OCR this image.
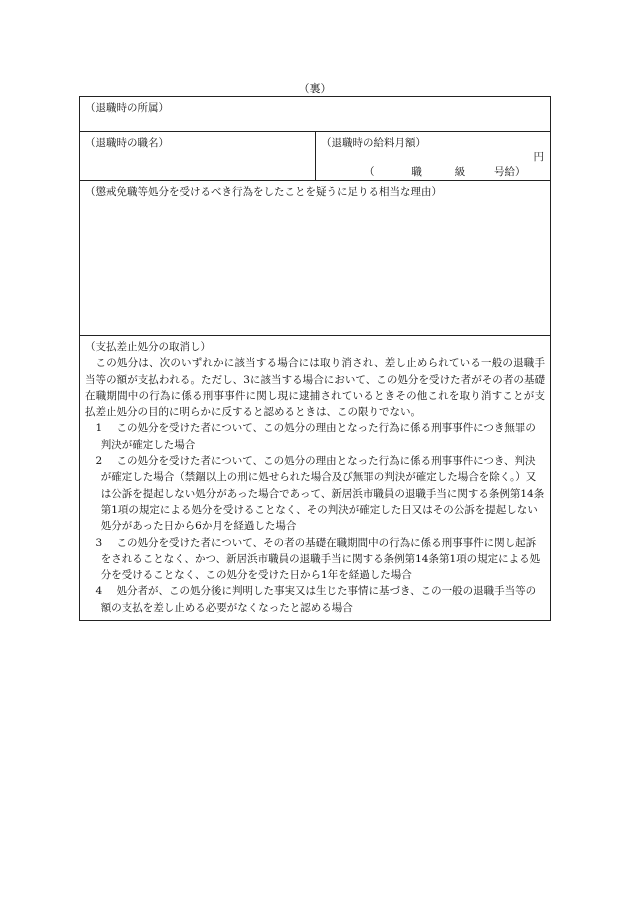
（裏）
（退職時の所属）
（退職時の職名）	（退職時の給料月額）
円
（	職	級	号給）
（懲戒免職等処分を受けるべき行為をしたことを疑うに足りる相当な理由）
（支払差止処分の取消し）

この処分は、次のいずれかに該当する場合には取り消され、差し止められている一般の退職手当等の額が支払われる。ただし、3に該当する場合において、この処分を受けた者がその者の基礎在職期間中の行為に係る刑事事件に関し現に逮捕されているときその他これを取り消すことが支払差止処分の目的に明らかに反すると認めるときは、この限りでない。

1	この処分を受けた者について、この処分の理由となった行為に係る刑事事件につき無罪の判決が確定した場合
2	この処分を受けた者について、この処分の理由となった行為に係る刑事事件につき、判決が確定した場合（禁錮以上の刑に処せられた場合及び無罪の判決が確定した場合を除く。）又は公訴を提起しない処分があった場合であって、新居浜市職員の退職手当に関する条例第14条第1項の規定による処分を受けることなく、その判決が確定した日又はその公訴を提起しない処分があった日から6か月を経過した場合
3	この処分を受けた者について、その者の基礎在職期間中の行為に係る刑事事件に関し起訴をされることなく、かつ、新居浜市職員の退職手当に関する条例第14条第1項の規定による処分を受けることなく、この処分を受けた日から1年を経過した場合
4	処分者が、この処分後に判明した事実又は生じた事情に基づき、この一般の退職手当等の額の支払を差し止める必要がなくなったと認める場合
